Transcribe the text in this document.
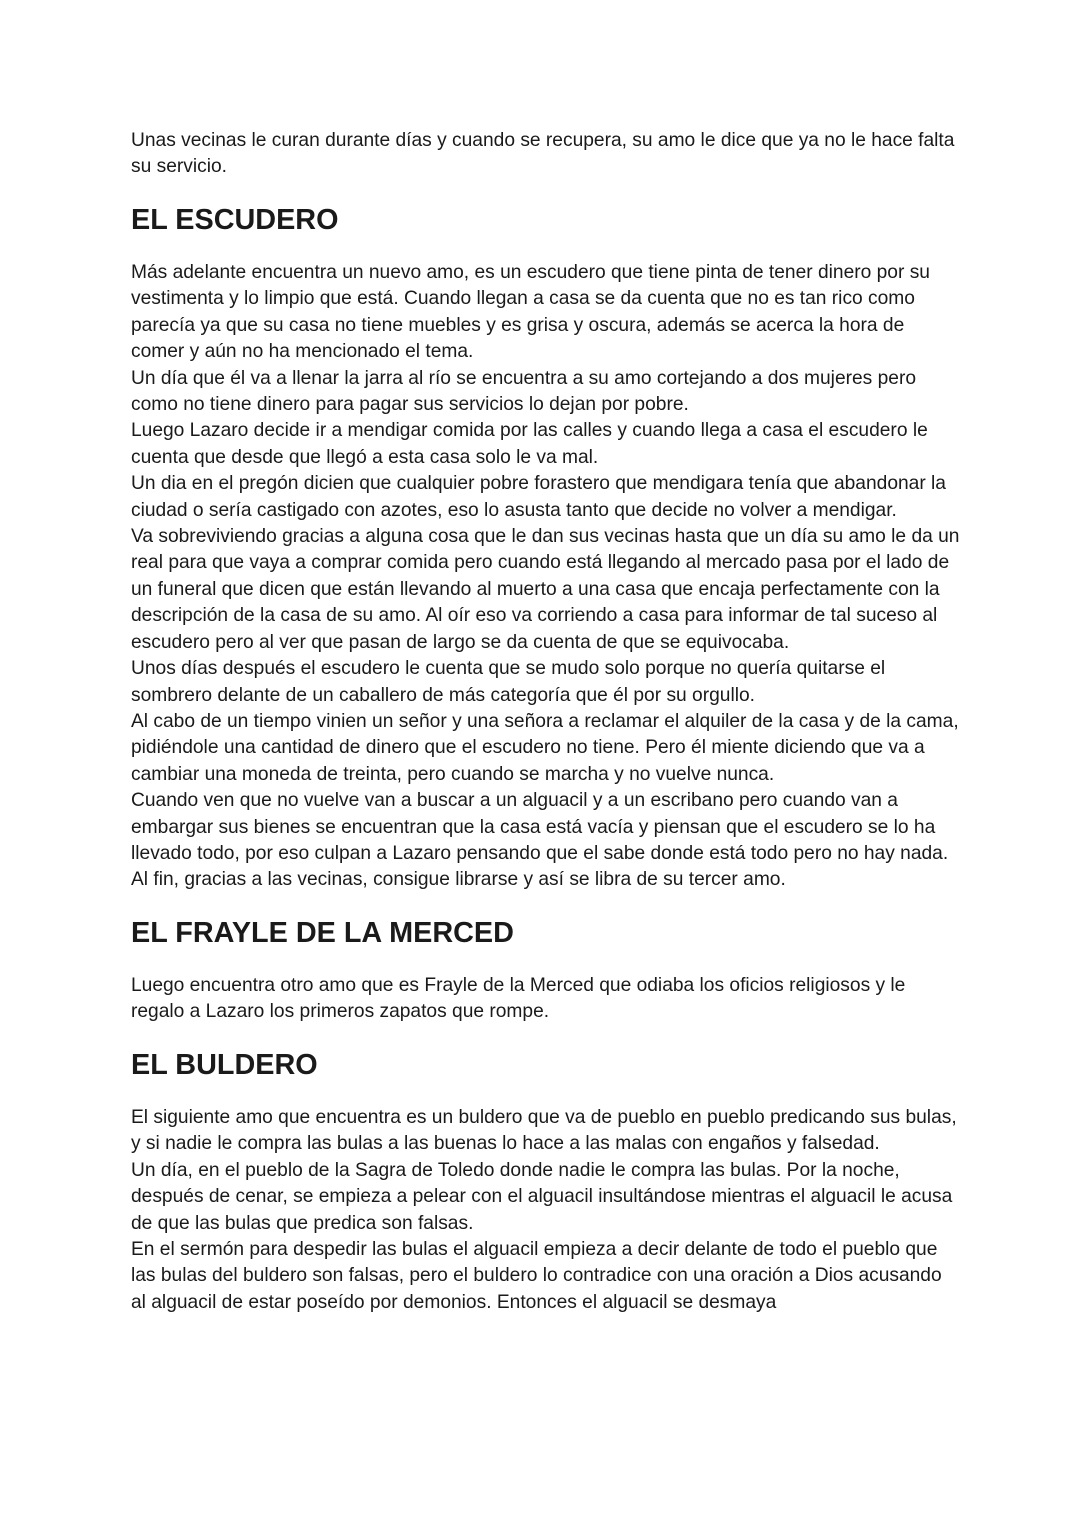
Unas vecinas le curan durante días y cuando se recupera, su amo le dice que ya no le hace falta su servicio.

EL ESCUDERO

Más adelante encuentra un nuevo amo, es un escudero que tiene pinta de tener dinero por su vestimenta y lo limpio que está. Cuando llegan a casa se da cuenta que no es tan rico como parecía ya que su casa no tiene muebles y es grisa y oscura, además se acerca la hora de comer y aún no ha mencionado el tema.

Un día que él va a llenar la jarra al río se encuentra a su amo cortejando a dos mujeres pero como no tiene dinero para pagar sus servicios lo dejan por pobre.

Luego Lazaro decide ir a mendigar comida por las calles y cuando llega a casa el escudero le cuenta que desde que llegó a esta casa solo le va mal.

Un dia en el pregón dicien que cualquier pobre forastero que mendigara tenía que abandonar la ciudad o sería castigado con azotes, eso lo asusta tanto que decide no volver a mendigar.

Va sobreviviendo gracias a alguna cosa que le dan sus vecinas hasta que un día su amo le da un real para que vaya a comprar comida pero cuando está llegando al mercado pasa por el lado de un funeral que dicen que están llevando al muerto a una casa que encaja perfectamente con la descripción de la casa de su amo. Al oír eso va corriendo a casa para informar de tal suceso al escudero pero al ver que pasan de largo se da cuenta de que se equivocaba.

Unos días después el escudero le cuenta que se mudo solo porque no quería quitarse el sombrero delante de un caballero de más categoría que él por su orgullo.

Al cabo de un tiempo vinien un señor y una señora a reclamar el alquiler de la casa y de la cama, pidiéndole una cantidad de dinero que el escudero no tiene. Pero él miente diciendo que va a cambiar una moneda de treinta, pero cuando se marcha y no vuelve nunca.

Cuando ven que no vuelve van a buscar a un alguacil y a un escribano pero cuando van a embargar sus bienes se encuentran que la casa está vacía y piensan que el escudero se lo ha llevado todo, por eso culpan a Lazaro pensando que el sabe donde está todo pero no hay nada. Al fin, gracias a las vecinas, consigue librarse y así se libra de su tercer amo.

EL FRAYLE DE LA MERCED

Luego encuentra otro amo que es Frayle de la Merced que odiaba los oficios religiosos y le regalo a Lazaro los primeros zapatos que rompe.

EL BULDERO

El siguiente amo que encuentra es un buldero que va de pueblo en pueblo predicando sus bulas, y si nadie le compra las bulas a las buenas lo hace a las malas con engaños y falsedad.

Un día, en el pueblo de la Sagra de Toledo donde nadie le compra las bulas. Por la noche, después de cenar, se empieza a pelear con el alguacil insultándose mientras el alguacil le acusa de que las bulas que predica son falsas.

En el sermón para despedir las bulas el alguacil empieza a decir delante de todo el pueblo que las bulas del buldero son falsas, pero el buldero lo contradice con una oración a Dios acusando al alguacil de estar poseído por demonios. Entonces el alguacil se desmaya
